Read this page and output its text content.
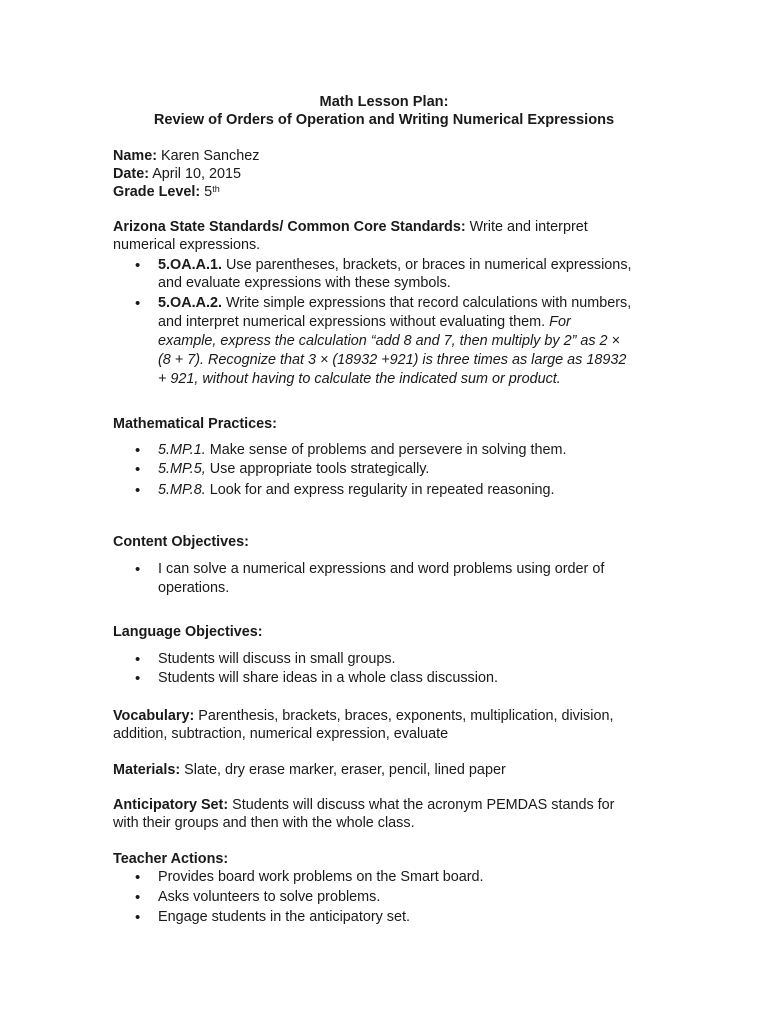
Math Lesson Plan:
Review of Orders of Operation and Writing Numerical Expressions
Name: Karen Sanchez
Date: April 10, 2015
Grade Level: 5th
Arizona State Standards/ Common Core Standards: Write and interpret
numerical expressions.
5.OA.A.1. Use parentheses, brackets, or braces in numerical expressions,
and evaluate expressions with these symbols.
5.OA.A.2. Write simple expressions that record calculations with numbers,
and interpret numerical expressions without evaluating them. For
example, express the calculation “add 8 and 7, then multiply by 2” as 2 ×
(8 + 7). Recognize that 3 × (18932 +921) is three times as large as 18932
+ 921, without having to calculate the indicated sum or product.
Mathematical Practices:
5.MP.1. Make sense of problems and persevere in solving them.
5.MP.5, Use appropriate tools strategically.
5.MP.8. Look for and express regularity in repeated reasoning.
Content Objectives:
I can solve a numerical expressions and word problems using order of
operations.
Language Objectives:
Students will discuss in small groups.
Students will share ideas in a whole class discussion.
Vocabulary: Parenthesis, brackets, braces, exponents, multiplication, division,
addition, subtraction, numerical expression, evaluate
Materials: Slate, dry erase marker, eraser, pencil, lined paper
Anticipatory Set: Students will discuss what the acronym PEMDAS stands for
with their groups and then with the whole class.
Teacher Actions:
Provides board work problems on the Smart board.
Asks volunteers to solve problems.
Engage students in the anticipatory set.
